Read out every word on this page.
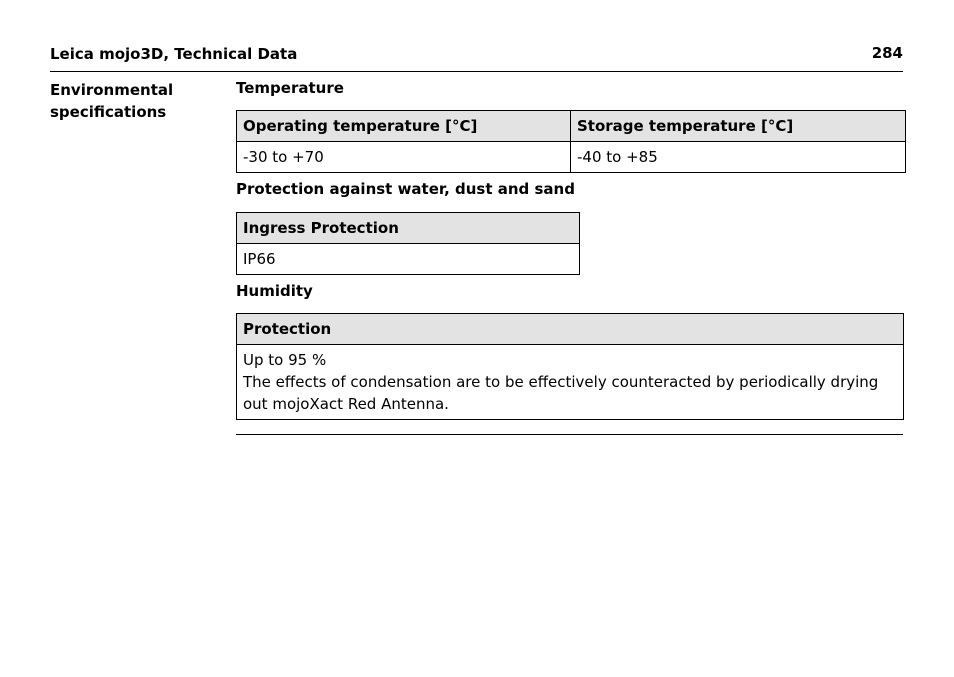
Leica mojo3D, Technical Data	284
Environmental
specifications
Temperature
Operating temperature [°C]	Storage temperature [°C]
-30 to +70	-40 to +85
Protection against water, dust and sand
Ingress Protection
IP66
Humidity
Protection

Up to 95 %
The effects of condensation are to be effectively counteracted by periodically drying out mojoXact Red Antenna.
